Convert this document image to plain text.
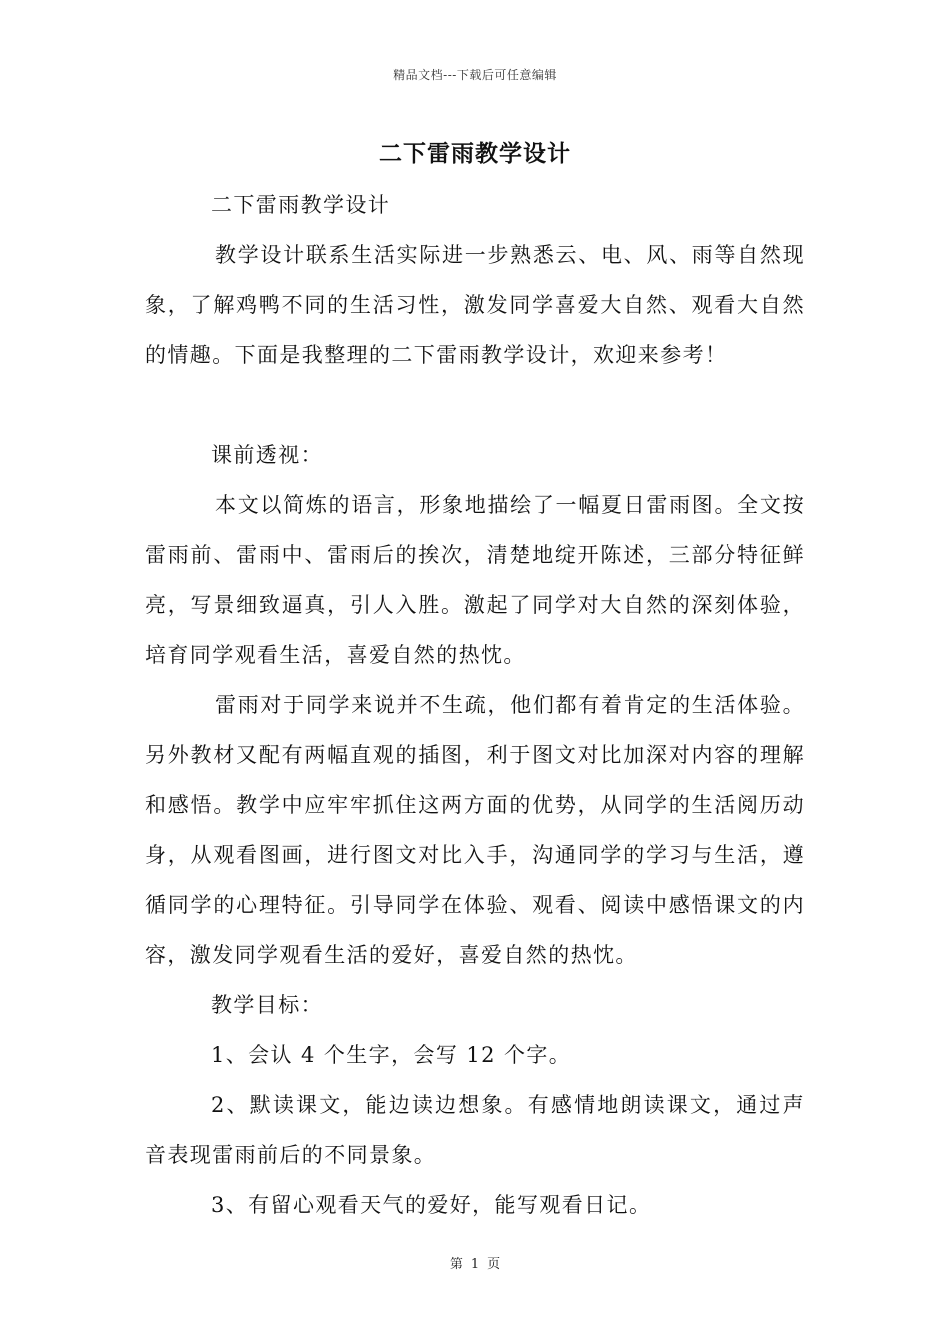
精品文档---下载后可任意编辑
二下雷雨教学设计

二下雷雨教学设计

教学设计联系生活实际进一步熟悉云、电、风、雨等自然现象，了解鸡鸭不同的生活习性，激发同学喜爱大自然、观看大自然的情趣。下面是我整理的二下雷雨教学设计，欢迎来参考！

课前透视：

本文以简炼的语言，形象地描绘了一幅夏日雷雨图。全文按雷雨前、雷雨中、雷雨后的挨次，清楚地绽开陈述，三部分特征鲜亮，写景细致逼真，引人入胜。激起了同学对大自然的深刻体验，培育同学观看生活，喜爱自然的热忱。

雷雨对于同学来说并不生疏，他们都有着肯定的生活体验。另外教材又配有两幅直观的插图，利于图文对比加深对内容的理解和感悟。教学中应牢牢抓住这两方面的优势，从同学的生活阅历动身，从观看图画，进行图文对比入手，沟通同学的学习与生活，遵循同学的心理特征。引导同学在体验、观看、阅读中感悟课文的内容，激发同学观看生活的爱好，喜爱自然的热忱。

教学目标：

1、会认 4 个生字，会写 12 个字。

2、默读课文，能边读边想象。有感情地朗读课文，通过声音表现雷雨前后的不同景象。

3、有留心观看天气的爱好，能写观看日记。

第 1 页
